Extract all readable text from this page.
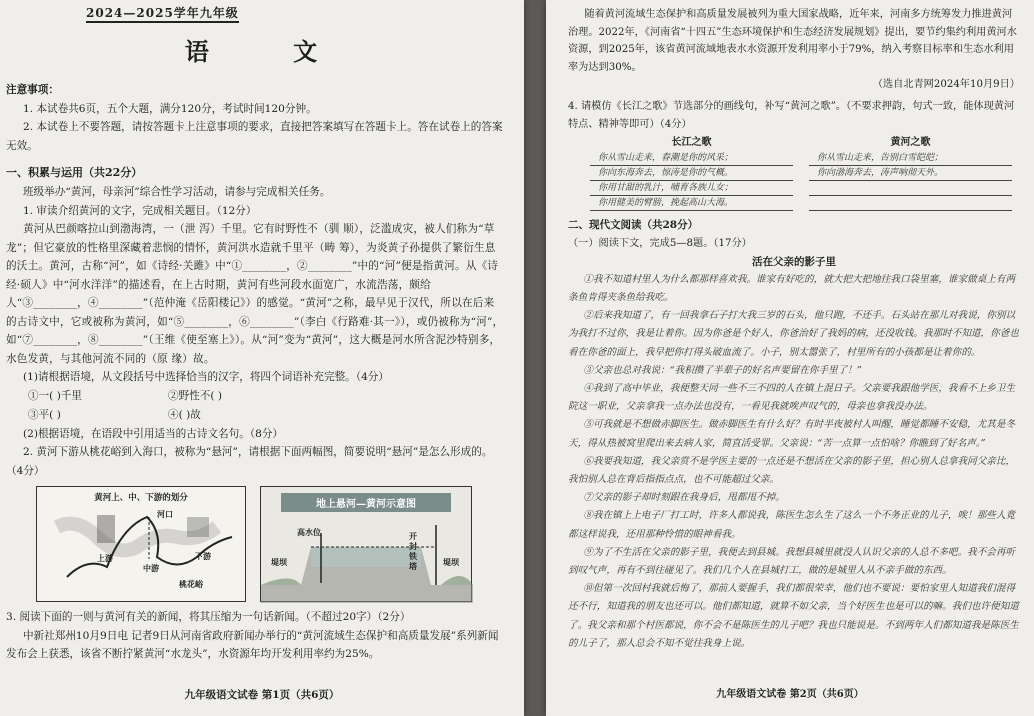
2024—2025学年九年级
语 文
注意事项：
1. 本试卷共6页，五个大题，满分120分，考试时间120分钟。
2. 本试卷上不要答题，请按答题卡上注意事项的要求，直接把答案填写在答题卡上。答在试卷上的答案无效。
一、积累与运用（共22分）
班级举办“黄河，母亲河”综合性学习活动，请参与完成相关任务。
1. 审读介绍黄河的文字，完成相关题目。（12分）
黄河从巴颜喀拉山到渤海湾，一（泄 泻）千里。它有时野性不（驯 顺），泛滥成灾，被人们称为“草龙”；但它豪放的性格里深藏着悲悯的情怀，黄河洪水造就千里平（畴 筹），为炎黄子孙提供了繁衍生息的沃土。黄河，古称“河”，如《诗经·关雎》中“①________，②________”中的“河”便是指黄河。从《诗经·硕人》中“河水洋洋”的描述看，在上古时期，黄河有些河段水面宽广，水流浩荡，颇给人“③________，④________”（范仲淹《岳阳楼记》）的感觉。“黄河”之称，最早见于汉代，所以在后来的古诗文中，它或被称为黄河，如“⑤________，⑥________”（李白《行路难·其一》），或仍被称为“河”，如“⑦________，⑧________”（王维《使至塞上》）。从“河”变为“黄河”，这大概是河水所含泥沙特别多，水色发黄，与其他河流不同的（原 缘）故。
(1)请根据语境，从文段括号中选择恰当的汉字，将四个词语补充完整。（4分）
①一( )千里	②野性不( )
③平( )	④( )故
(2)根据语境，在语段中引用适当的古诗文名句。（8分）
2. 黄河下游从桃花峪到入海口，被称为“悬河”，请根据下面两幅图，简要说明“悬河”是怎么形成的。（4分）
黄河上、中、下游的划分
上游
中游
下游
河口
桃花峪
地上悬河—黄河示意图
高水位
堤坝
开封铁塔	堤坝
3. 阅读下面的一则与黄河有关的新闻，将其压缩为一句话新闻。（不超过20字）（2分）
中新社郑州10月9日电 记者9日从河南省政府新闻办举行的“黄河流域生态保护和高质量发展”系列新闻发布会上获悉，该省不断拧紧黄河“水龙头”，水资源年均开发利用率约为25%。
九年级语文试卷 第1页（共6页）
随着黄河流域生态保护和高质量发展被列为重大国家战略，近年来，河南多方统筹发力推进黄河治理。2022年，《河南省“十四五”生态环境保护和生态经济发展规划》提出，要节约集约利用黄河水资源，到2025年，该省黄河流域地表水水资源开发利用率小于79%，纳入考察目标率和生态水利用率为达到30%。
（选自北青网2024年10月9日）
4. 请模仿《长江之歌》节选部分的画线句，补写“黄河之歌”。（不要求押韵，句式一致，能体现黄河特点、精神等即可）（4分）
长江之歌
你从雪山走来，春潮是你的风采；
你向东海奔去，惊涛是你的气概。
你用甘甜的乳汁，哺育各族儿女；
你用健美的臂膀，挽起高山大海。
黄河之歌
你从雪山走来，告别白雪皑皑；
你向渤海奔去，涛声响彻天外。
二、现代文阅读（共28分）
（一）阅读下文，完成5—8题。（17分）
活在父亲的影子里
①我不知道村里人为什么都那样喜欢我。谁家有好吃的，就大把大把地往我口袋里塞，谁家做桌上有两条鱼肯得夹条鱼给我吃。
②后来我知道了，有一回我拿石子打大我三岁的石头，他只跑，不还手。石头站在那儿对我说，你别以为我打不过你，我是让着你。因为你爸是个好人，你爸治好了我妈的病，还没收钱。我那时不知道，你爸也看在你爸的面上，我早把你打得头破血流了。小子，别太嚣张了，村里所有的小孩都是让着你的。
③父亲也总对我说：“我积攒了半辈子的好名声要留在你手里了！”
④我到了高中毕业，我便整天同一些不三不四的人在镇上混日子。父亲要我跟他学医，我看不上乡卫生院这一职业，父亲拿我一点办法也没有，一看见我就唉声叹气的，母亲也拿我没办法。
⑤可我就是不想做赤脚医生。做赤脚医生有什么好？有时半夜被村人叫醒，睡觉都睡不安稳，尤其是冬天，得从热被窝里爬出来去病人家，简直活受罪。父亲说：“苦一点算一点怕啥？你瞧到了好名声。”
⑥我要我知道，我父亲赏不是学医主要的一点还是不想活在父亲的影子里，担心别人总拿我同父亲比，我怕别人总在背后指指点点，也不可能超过父亲。
⑦父亲的影子却时刻跟在我身后，甩都甩不掉。
⑧我在镇上上电子厂打工时，许多人都说我，陈医生怎么生了这么一个不务正业的儿子，唉！那些人竟都这样说我，还用那种怜惜的眼神看我。
⑨为了不生活在父亲的影子里，我便去到县城。我想县城里就没人认识父亲的人总不多吧。我不会再听到叹气声，再有不到往碰见了。我们几个人在县城打工，做的是城里人从不亲手做的东西。
⑩但第一次回村我就后悔了，那前人要握手，我们都很荣幸，他们也不要说：要怕家里人知道我们混得还不行，知道我的朋友也还可以。他们都知道，就算不如父亲，当个好医生也是可以的嘛。我们也许便知道了。我父亲和那个村医都说，你不会不是陈医生的儿子吧？我也只能说是。不到两年人们都知道我是陈医生的儿子了，那人总会不知不觉往我身上说。
九年级语文试卷 第2页（共6页）
